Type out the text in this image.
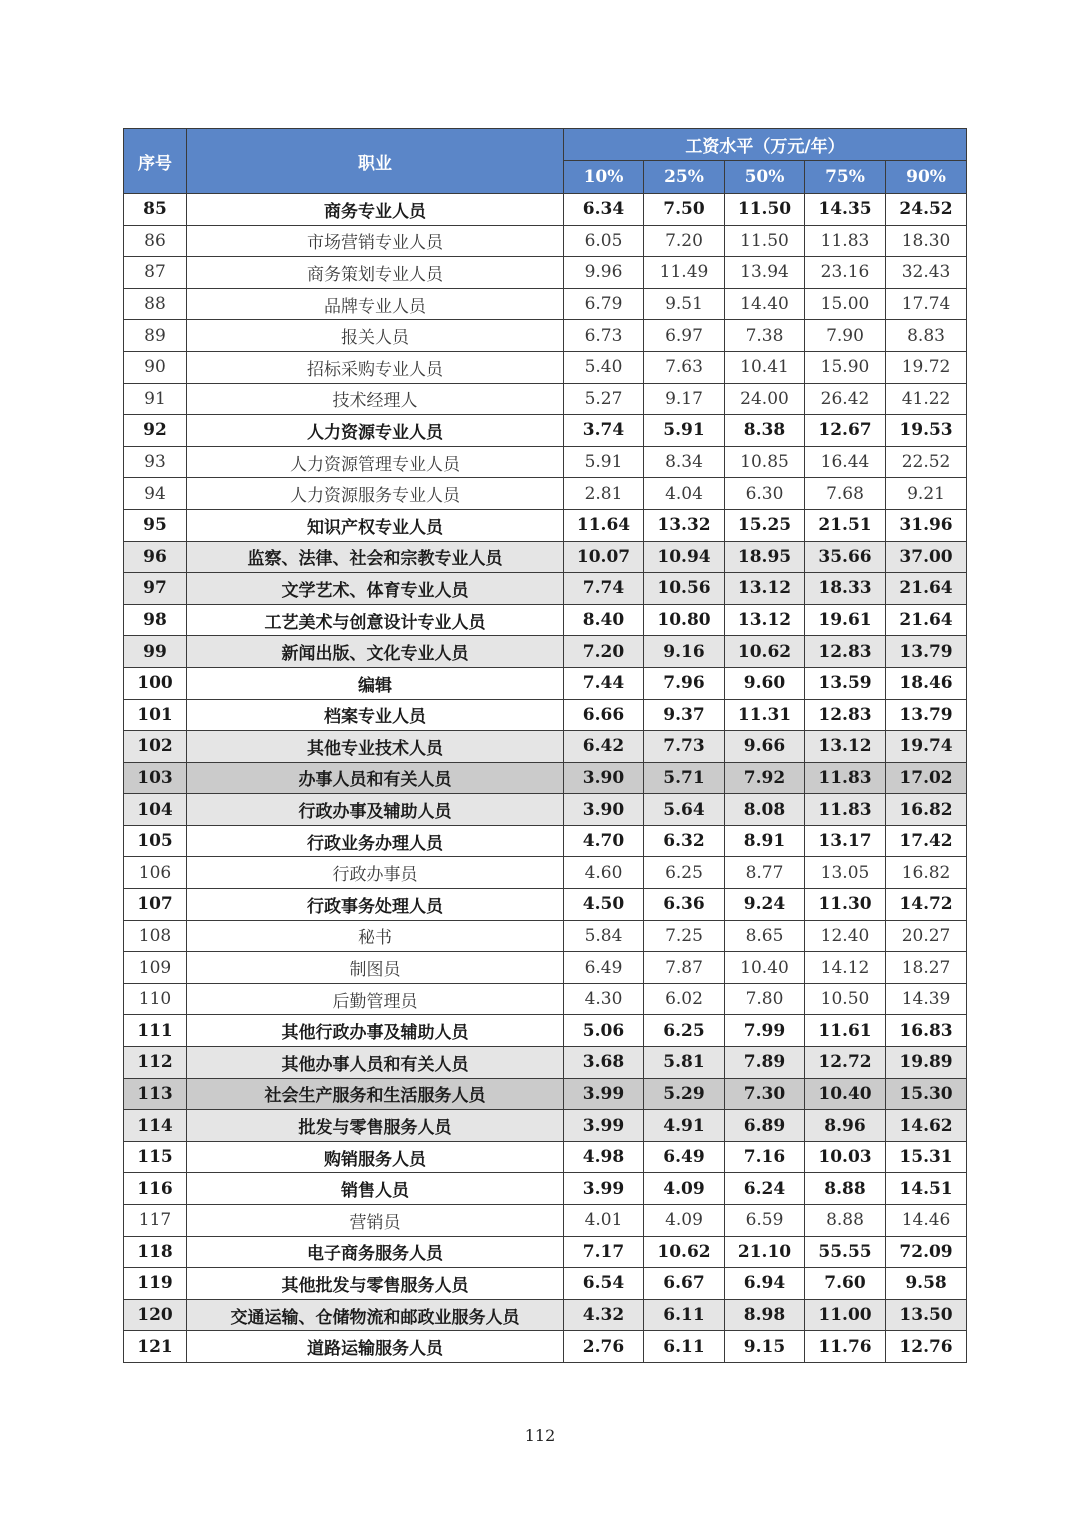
序号	职业	工资水平（万元/年）				
		10%	25%	50%	75%	90%
85	商务专业人员	6.34	7.50	11.50	14.35	24.52
86	市场营销专业人员	6.05	7.20	11.50	11.83	18.30
87	商务策划专业人员	9.96	11.49	13.94	23.16	32.43
88	品牌专业人员	6.79	9.51	14.40	15.00	17.74
89	报关人员	6.73	6.97	7.38	7.90	8.83
90	招标采购专业人员	5.40	7.63	10.41	15.90	19.72
91	技术经理人	5.27	9.17	24.00	26.42	41.22
92	人力资源专业人员	3.74	5.91	8.38	12.67	19.53
93	人力资源管理专业人员	5.91	8.34	10.85	16.44	22.52
94	人力资源服务专业人员	2.81	4.04	6.30	7.68	9.21
95	知识产权专业人员	11.64	13.32	15.25	21.51	31.96
96	监察、法律、社会和宗教专业人员	10.07	10.94	18.95	35.66	37.00
97	文学艺术、体育专业人员	7.74	10.56	13.12	18.33	21.64
98	工艺美术与创意设计专业人员	8.40	10.80	13.12	19.61	21.64
99	新闻出版、文化专业人员	7.20	9.16	10.62	12.83	13.79
100	编辑	7.44	7.96	9.60	13.59	18.46
101	档案专业人员	6.66	9.37	11.31	12.83	13.79
102	其他专业技术人员	6.42	7.73	9.66	13.12	19.74
103	办事人员和有关人员	3.90	5.71	7.92	11.83	17.02
104	行政办事及辅助人员	3.90	5.64	8.08	11.83	16.82
105	行政业务办理人员	4.70	6.32	8.91	13.17	17.42
106	行政办事员	4.60	6.25	8.77	13.05	16.82
107	行政事务处理人员	4.50	6.36	9.24	11.30	14.72
108	秘书	5.84	7.25	8.65	12.40	20.27
109	制图员	6.49	7.87	10.40	14.12	18.27
110	后勤管理员	4.30	6.02	7.80	10.50	14.39
111	其他行政办事及辅助人员	5.06	6.25	7.99	11.61	16.83
112	其他办事人员和有关人员	3.68	5.81	7.89	12.72	19.89
113	社会生产服务和生活服务人员	3.99	5.29	7.30	10.40	15.30
114	批发与零售服务人员	3.99	4.91	6.89	8.96	14.62
115	购销服务人员	4.98	6.49	7.16	10.03	15.31
116	销售人员	3.99	4.09	6.24	8.88	14.51
117	营销员	4.01	4.09	6.59	8.88	14.46
118	电子商务服务人员	7.17	10.62	21.10	55.55	72.09
119	其他批发与零售服务人员	6.54	6.67	6.94	7.60	9.58
120	交通运输、仓储物流和邮政业服务人员	4.32	6.11	8.98	11.00	13.50
121	道路运输服务人员	2.76	6.11	9.15	11.76	12.76
112
